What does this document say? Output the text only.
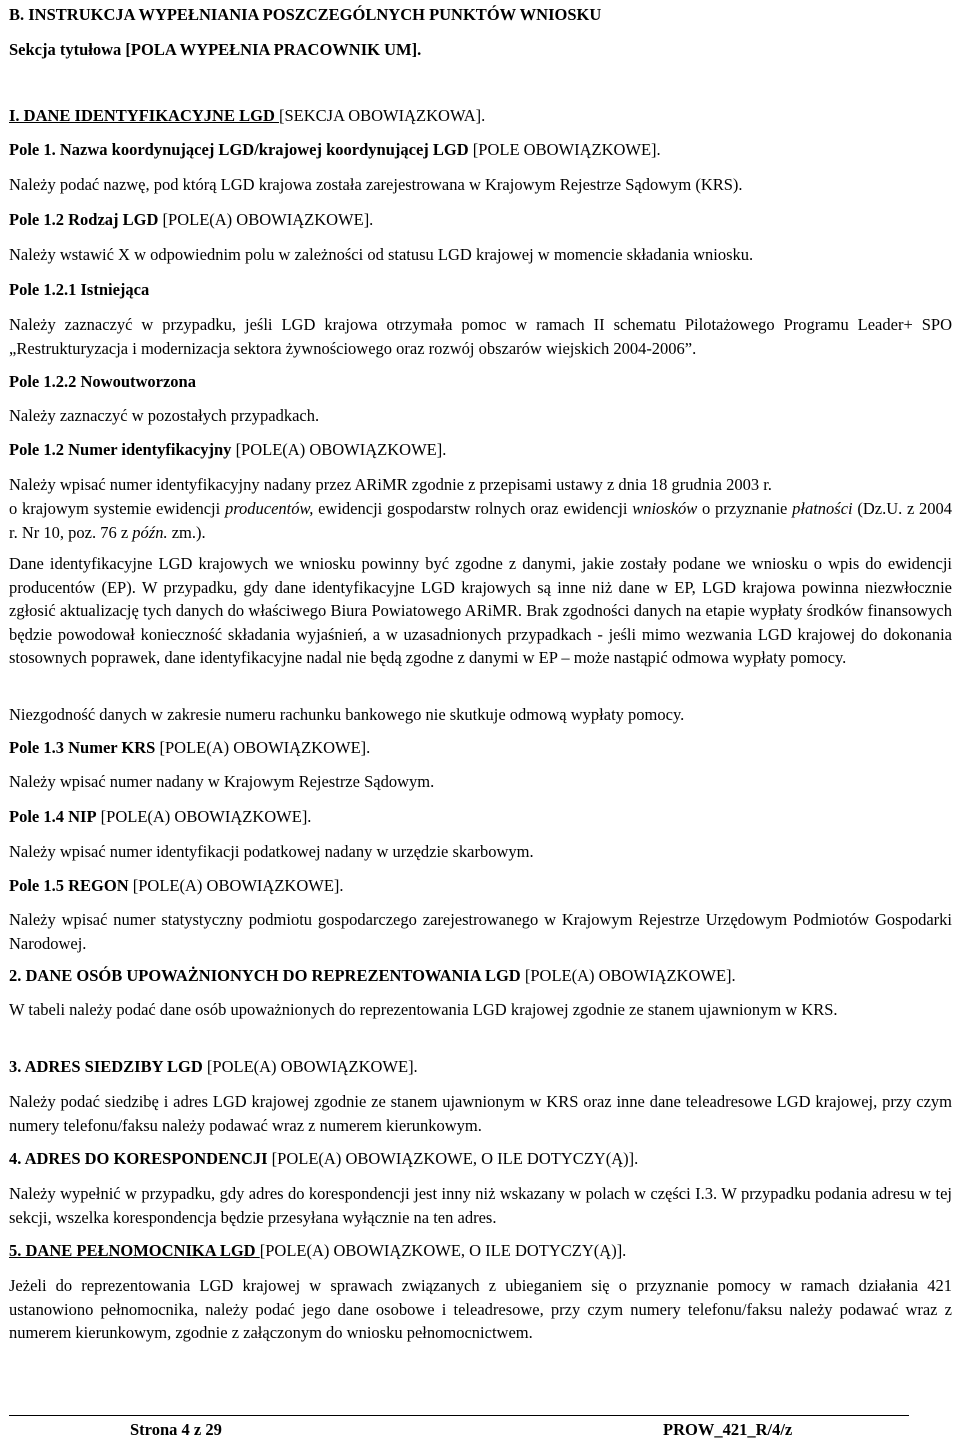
B. INSTRUKCJA WYPEŁNIANIA POSZCZEGÓLNYCH PUNKTÓW WNIOSKU

Sekcja tytułowa [POLA WYPEŁNIA PRACOWNIK UM].

I. DANE IDENTYFIKACYJNE LGD [SEKCJA OBOWIĄZKOWA].

Pole 1. Nazwa koordynującej LGD/krajowej koordynującej LGD [POLE OBOWIĄZKOWE].

Należy podać nazwę, pod którą LGD krajowa została zarejestrowana w Krajowym Rejestrze Sądowym (KRS).

Pole 1.2 Rodzaj LGD [POLE(A) OBOWIĄZKOWE].

Należy wstawić X w odpowiednim polu w zależności od statusu LGD krajowej w momencie składania wniosku.

Pole 1.2.1 Istniejąca

Należy zaznaczyć w przypadku, jeśli LGD krajowa otrzymała pomoc w ramach II schematu Pilotażowego Programu Leader+ SPO „Restrukturyzacja i modernizacja sektora żywnościowego oraz rozwój obszarów wiejskich 2004-2006”.

Pole 1.2.2 Nowoutworzona

Należy zaznaczyć w pozostałych przypadkach.

Pole 1.2 Numer identyfikacyjny [POLE(A) OBOWIĄZKOWE].

Należy wpisać numer identyfikacyjny nadany przez ARiMR zgodnie z przepisami ustawy z dnia 18 grudnia 2003 r.

o krajowym systemie ewidencji producentów, ewidencji gospodarstw rolnych oraz ewidencji wniosków o przyznanie płatności (Dz.U. z 2004 r. Nr 10, poz. 76 z późn. zm.).

Dane identyfikacyjne LGD krajowych we wniosku powinny być zgodne z danymi, jakie zostały podane we wniosku o wpis do ewidencji producentów (EP). W przypadku, gdy dane identyfikacyjne LGD krajowych są inne niż dane w EP, LGD krajowa powinna niezwłocznie zgłosić aktualizację tych danych do właściwego Biura Powiatowego ARiMR. Brak zgodności danych na etapie wypłaty środków finansowych będzie powodował konieczność składania wyjaśnień, a w uzasadnionych przypadkach - jeśli mimo wezwania LGD krajowej do dokonania stosownych poprawek, dane identyfikacyjne nadal nie będą zgodne z danymi w EP – może nastąpić odmowa wypłaty pomocy.

Niezgodność danych w zakresie numeru rachunku bankowego nie skutkuje odmową wypłaty pomocy.

Pole 1.3 Numer KRS [POLE(A) OBOWIĄZKOWE].

Należy wpisać numer nadany w Krajowym Rejestrze Sądowym.

Pole 1.4 NIP [POLE(A) OBOWIĄZKOWE].

Należy wpisać numer identyfikacji podatkowej nadany w urzędzie skarbowym.

Pole 1.5 REGON [POLE(A) OBOWIĄZKOWE].

Należy wpisać numer statystyczny podmiotu gospodarczego zarejestrowanego w Krajowym Rejestrze Urzędowym Podmiotów Gospodarki Narodowej.

2. DANE OSÓB UPOWAŻNIONYCH DO REPREZENTOWANIA LGD [POLE(A) OBOWIĄZKOWE].

W tabeli należy podać dane osób upoważnionych do reprezentowania LGD krajowej zgodnie ze stanem ujawnionym w KRS.

3. ADRES SIEDZIBY LGD [POLE(A) OBOWIĄZKOWE].

Należy podać siedzibę i adres LGD krajowej zgodnie ze stanem ujawnionym w KRS oraz inne dane teleadresowe LGD krajowej, przy czym numery telefonu/faksu należy podawać wraz z numerem kierunkowym.

4. ADRES DO KORESPONDENCJI [POLE(A) OBOWIĄZKOWE, O ILE DOTYCZY(Ą)].

Należy wypełnić w przypadku, gdy adres do korespondencji jest inny niż wskazany w polach w części I.3. W przypadku podania adresu w tej sekcji, wszelka korespondencja będzie przesyłana wyłącznie na ten adres.

5. DANE PEŁNOMOCNIKA LGD [POLE(A) OBOWIĄZKOWE, O ILE DOTYCZY(Ą)].

Jeżeli do reprezentowania LGD krajowej w sprawach związanych z ubieganiem się o przyznanie pomocy w ramach działania 421 ustanowiono pełnomocnika, należy podać jego dane osobowe i teleadresowe, przy czym numery telefonu/faksu należy podawać wraz z numerem kierunkowym, zgodnie z załączonym do wniosku pełnomocnictwem.

Strona 4 z 29	PROW_421_R/4/z
